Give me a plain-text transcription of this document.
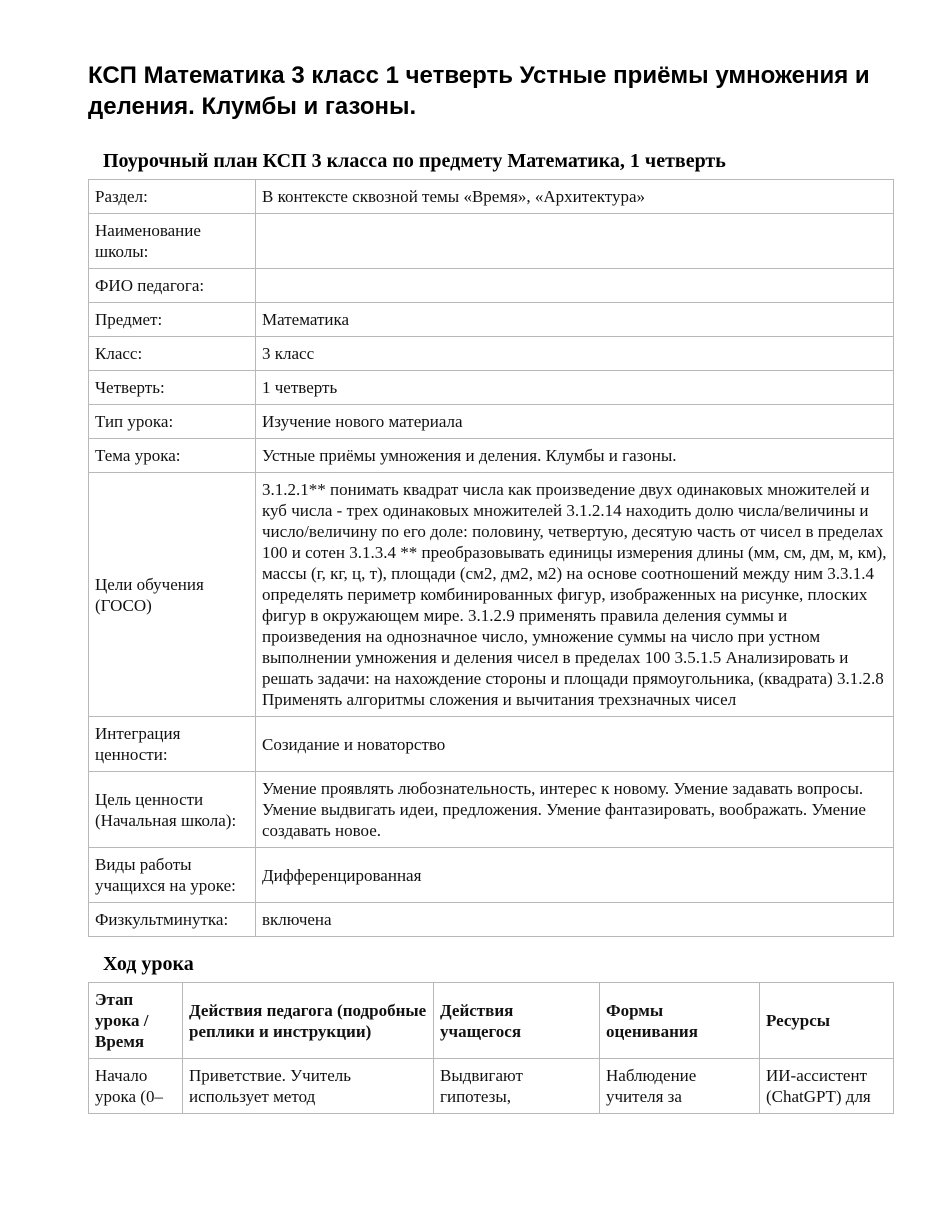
КСП Математика 3 класс 1 четверть Устные приёмы умножения и деления. Клумбы и газоны.
Поурочный план КСП 3 класса по предмету Математика, 1 четверть
Раздел:	В контексте сквозной темы «Время», «Архитектура»
Наименование школы:	
ФИО педагога:	
Предмет:	Математика
Класс:	3 класс
Четверть:	1 четверть
Тип урока:	Изучение нового материала
Тема урока:	Устные приёмы умножения и деления. Клумбы и газоны.
Цели обучения (ГОСО)	3.1.2.1** понимать квадрат числа как произведение двух одинаковых множителей и куб числа - трех одинаковых множителей 3.1.2.14 находить долю числа/величины и число/величину по его доле: половину, четвертую, десятую часть от чисел в пределах 100 и сотен 3.1.3.4 ** преобразовывать единицы измерения длины (мм, см, дм, м, км), массы (г, кг, ц, т), площади (см2, дм2, м2) на основе соотношений между ним 3.3.1.4 определять периметр комбинированных фигур, изображенных на рисунке, плоских фигур в окружающем мире. 3.1.2.9 применять правила деления суммы и произведения на однозначное число, умножение суммы на число при устном выполнении умножения и деления чисел в пределах 100 3.5.1.5 Анализировать и решать задачи: на нахождение стороны и площади прямоугольника, (квадрата) 3.1.2.8 Применять алгоритмы сложения и вычитания трехзначных чисел
Интеграция ценности:	Созидание и новаторство
Цель ценности (Начальная школа):	Умение проявлять любознательность, интерес к новому. Умение задавать вопросы. Умение выдвигать идеи, предложения. Умение фантазировать, воображать. Умение создавать новое.
Виды работы учащихся на уроке:	Дифференцированная
Физкультминутка:	включена
Ход урока
Этап урока / Время	Действия педагога (подробные реплики и инструкции)	Действия учащегося	Формы оценивания	Ресурсы
Начало урока (0–	Приветствие. Учитель использует метод	Выдвигают гипотезы,	Наблюдение учителя за	ИИ-ассистент (ChatGPT) для
